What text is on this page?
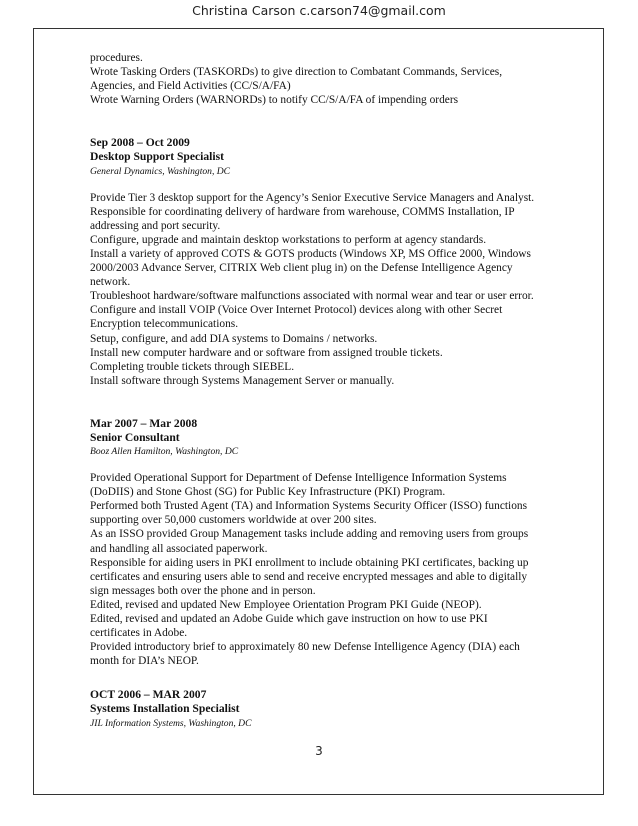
Christina Carson c.carson74@gmail.com

procedures.

Wrote Tasking Orders (TASKORDs) to give direction to Combatant Commands, Services,

Agencies, and Field Activities (CC/S/A/FA)

Wrote Warning Orders (WARNORDs) to notify CC/S/A/FA of impending orders

Sep 2008 – Oct 2009

Desktop Support Specialist

General Dynamics, Washington, DC

Provide Tier 3 desktop support for the Agency’s Senior Executive Service Managers and Analyst.

Responsible for coordinating delivery of hardware from warehouse, COMMS Installation, IP

addressing and port security.

Configure, upgrade and maintain desktop workstations to perform at agency standards.

Install a variety of approved COTS & GOTS products (Windows XP, MS Office 2000, Windows

2000/2003 Advance Server, CITRIX Web client plug in) on the Defense Intelligence Agency

network.

Troubleshoot hardware/software malfunctions associated with normal wear and tear or user error.

Configure and install VOIP (Voice Over Internet Protocol) devices along with other Secret

Encryption telecommunications.

Setup, configure, and add DIA systems to Domains / networks.

Install new computer hardware and or software from assigned trouble tickets.

Completing trouble tickets through SIEBEL.

Install software through Systems Management Server or manually.

Mar 2007 – Mar 2008

Senior Consultant

Booz Allen Hamilton, Washington, DC

Provided Operational Support for Department of Defense Intelligence Information Systems

(DoDIIS) and Stone Ghost (SG) for Public Key Infrastructure (PKI) Program.

Performed both Trusted Agent (TA) and Information Systems Security Officer (ISSO) functions

supporting over 50,000 customers worldwide at over 200 sites.

As an ISSO provided Group Management tasks include adding and removing users from groups

and handling all associated paperwork.

Responsible for aiding users in PKI enrollment to include obtaining PKI certificates, backing up

certificates and ensuring users able to send and receive encrypted messages and able to digitally

sign messages both over the phone and in person.

Edited, revised and updated New Employee Orientation Program PKI Guide (NEOP).

Edited, revised and updated an Adobe Guide which gave instruction on how to use PKI

certificates in Adobe.

Provided introductory brief to approximately 80 new Defense Intelligence Agency (DIA) each

month for DIA’s NEOP.

OCT 2006 – MAR 2007

Systems Installation Specialist

JIL Information Systems, Washington, DC

3
